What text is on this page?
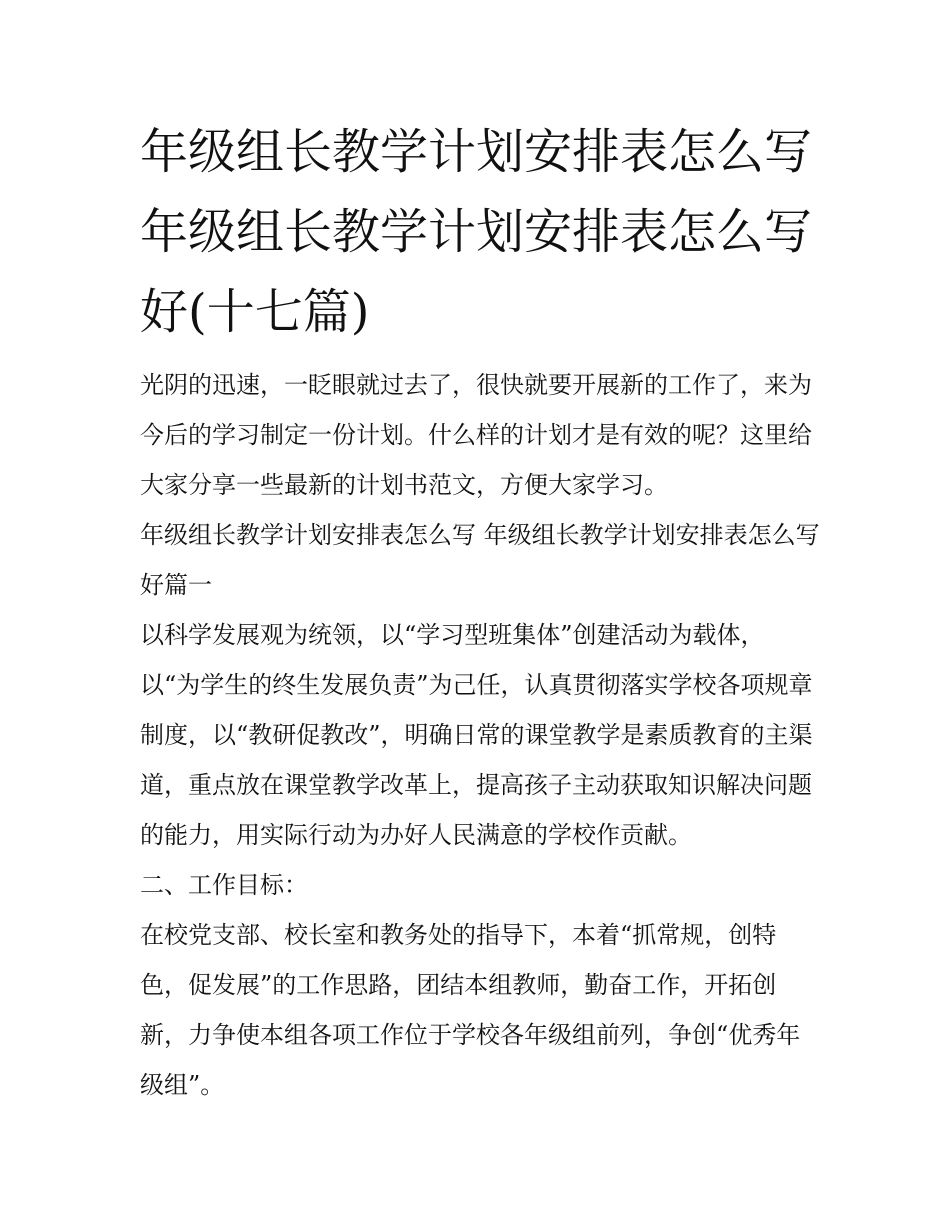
年级组长教学计划安排表怎么写 年级组长教学计划安排表怎么写好(十七篇)

光阴的迅速，一眨眼就过去了，很快就要开展新的工作了，来为今后的学习制定一份计划。什么样的计划才是有效的呢？这里给大家分享一些最新的计划书范文，方便大家学习。

年级组长教学计划安排表怎么写 年级组长教学计划安排表怎么写好篇一

以科学发展观为统领，以“学习型班集体”创建活动为载体，

以“为学生的终生发展负责”为己任，认真贯彻落实学校各项规章制度，以“教研促教改”，明确日常的课堂教学是素质教育的主渠道，重点放在课堂教学改革上，提高孩子主动获取知识解决问题的能力，用实际行动为办好人民满意的学校作贡献。

二、工作目标：

在校党支部、校长室和教务处的指导下，本着“抓常规，创特色，促发展”的工作思路，团结本组教师，勤奋工作，开拓创新，力争使本组各项工作位于学校各年级组前列，争创“优秀年级组”。
